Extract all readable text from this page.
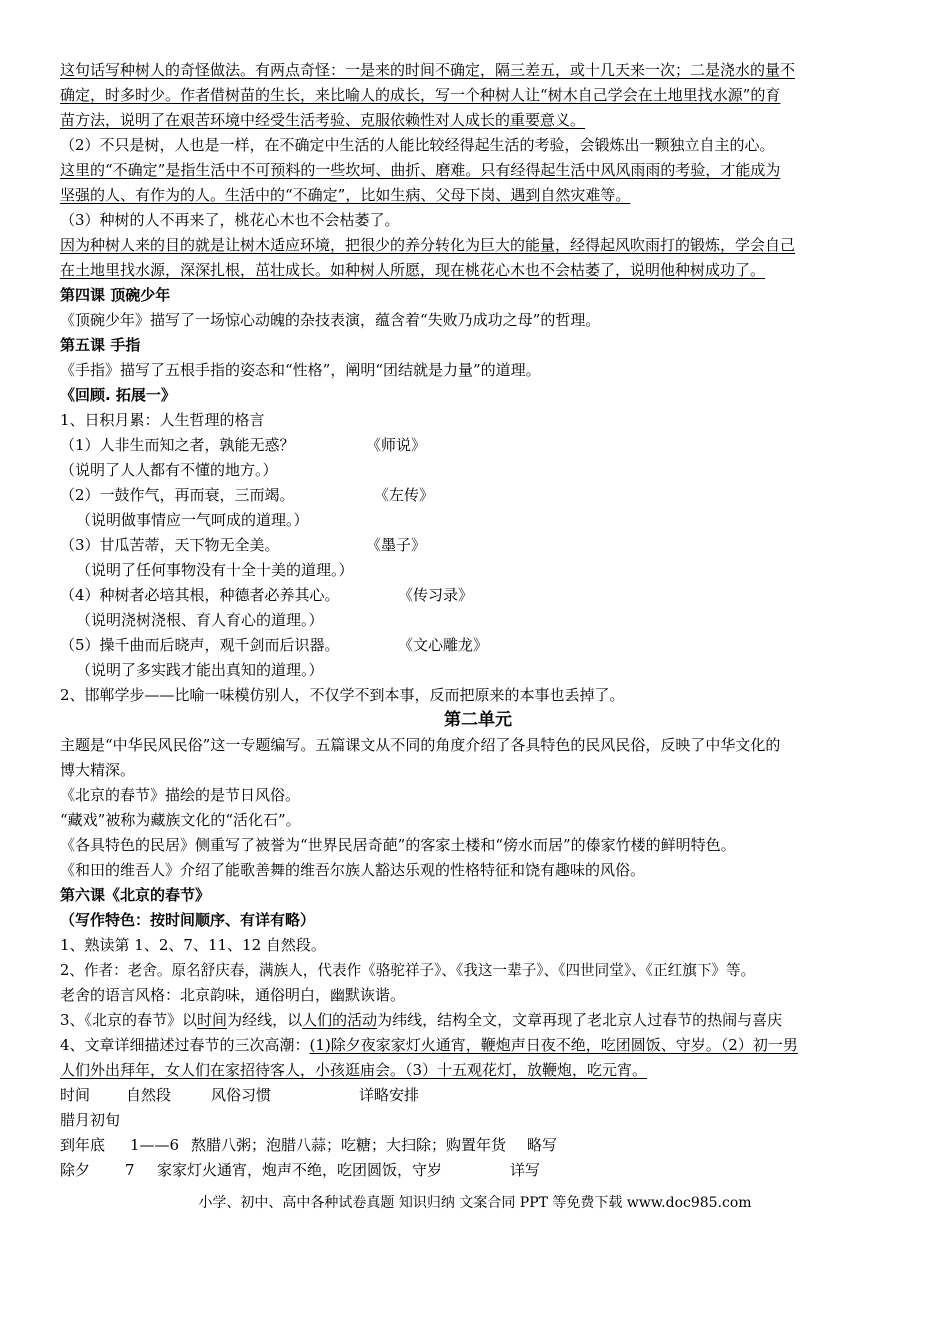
这句话写种树人的奇怪做法。有两点奇怪：一是来的时间不确定，隔三差五，或十几天来一次；二是浇水的量不
确定，时多时少。作者借树苗的生长，来比喻人的成长，写一个种树人让“树木自己学会在土地里找水源”的育
苗方法，说明了在艰苦环境中经受生活考验、克服依赖性对人成长的重要意义。
（2）不只是树，人也是一样，在不确定中生活的人能比较经得起生活的考验，会锻炼出一颗独立自主的心。
这里的“不确定”是指生活中不可预料的一些坎坷、曲折、磨难。只有经得起生活中风风雨雨的考验，才能成为
坚强的人、有作为的人。生活中的“不确定”，比如生病、父母下岗、遇到自然灾难等。
（3）种树的人不再来了，桃花心木也不会枯萎了。
因为种树人来的目的就是让树木适应环境，把很少的养分转化为巨大的能量，经得起风吹雨打的锻炼，学会自己
在土地里找水源，深深扎根，茁壮成长。如种树人所愿，现在桃花心木也不会枯萎了，说明他种树成功了。
第四课 顶碗少年
《顶碗少年》描写了一场惊心动魄的杂技表演，蕴含着“失败乃成功之母”的哲理。
第五课 手指
《手指》描写了五根手指的姿态和“性格”，阐明“团结就是力量”的道理。
《回顾. 拓展一》
1、日积月累：人生哲理的格言
（1）人非生而知之者，孰能无惑？	《师说》
（说明了人人都有不懂的地方。）
（2）一鼓作气，再而衰，三而竭。	《左传》
（说明做事情应一气呵成的道理。）
（3）甘瓜苦蒂，天下物无全美。	《墨子》
（说明了任何事物没有十全十美的道理。）
（4）种树者必培其根，种德者必养其心。	《传习录》
（说明浇树浇根、育人育心的道理。）
（5）操千曲而后晓声，观千剑而后识器。	《文心雕龙》
（说明了多实践才能出真知的道理。）
2、邯郸学步——比喻一味模仿别人，不仅学不到本事，反而把原来的本事也丢掉了。
第二单元
主题是“中华民风民俗”这一专题编写。五篇课文从不同的角度介绍了各具特色的民风民俗，反映了中华文化的
博大精深。
《北京的春节》描绘的是节日风俗。
“藏戏”被称为藏族文化的“活化石”。
《各具特色的民居》侧重写了被誉为“世界民居奇葩”的客家土楼和“傍水而居”的傣家竹楼的鲜明特色。
《和田的维吾人》介绍了能歌善舞的维吾尔族人豁达乐观的性格特征和饶有趣味的风俗。
第六课《北京的春节》
（写作特色：按时间顺序、有详有略）
1、熟读第 1、2、7、11、12 自然段。
2、作者：老舍。原名舒庆春，满族人，代表作《骆驼祥子》、《我这一辈子》、《四世同堂》、《正红旗下》等。
老舍的语言风格：北京韵味，通俗明白，幽默诙谐。
3、《北京的春节》以时间为经线，以人们的活动为纬线，结构全文，文章再现了老北京人过春节的热闹与喜庆
4、文章详细描述过春节的三次高潮：(1)除夕夜家家灯火通宵，鞭炮声日夜不绝，吃团圆饭、守岁。（2）初一男
人们外出拜年，女人们在家招待客人，小孩逛庙会。（3）十五观花灯，放鞭炮，吃元宵。
时间 自然段	风俗习惯	详略安排
腊月初旬
到年底 1——6 熬腊八粥；泡腊八蒜；吃糖；大扫除；购置年货 略写
除夕 7 家家灯火通宵，炮声不绝，吃团圆饭，守岁	详写
小学、初中、高中各种试卷真题 知识归纳 文案合同 PPT 等免费下载 www.doc985.com
